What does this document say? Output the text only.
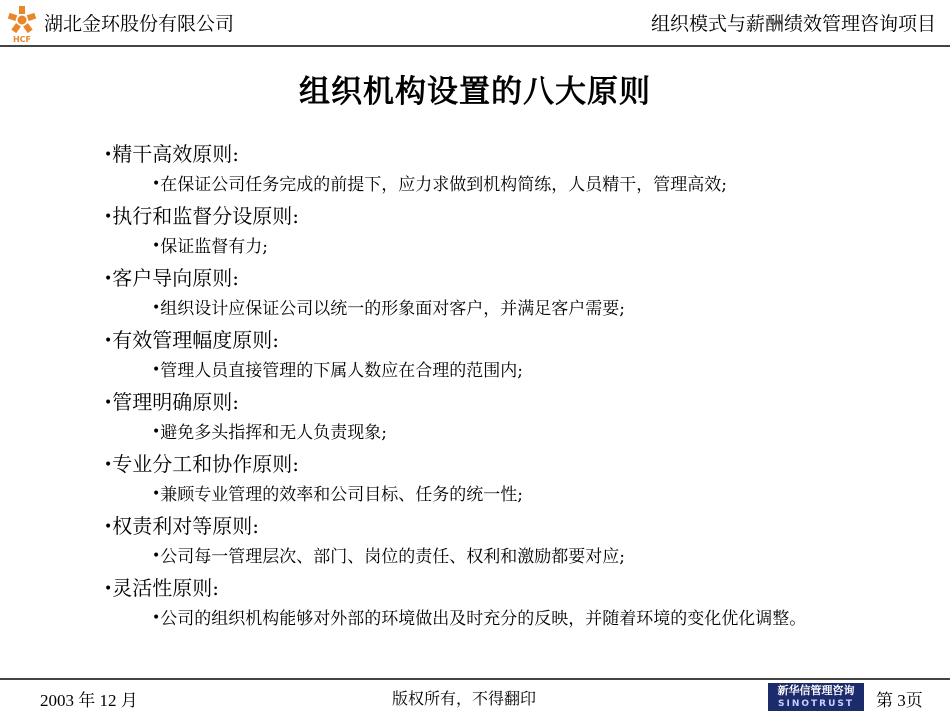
HCF
湖北金环股份有限公司	组织模式与薪酬绩效管理咨询项目
组织机构设置的八大原则
•精干高效原则:
•在保证公司任务完成的前提下，应力求做到机构简练，人员精干，管理高效;
•执行和监督分设原则:
•保证监督有力;
•客户导向原则:
•组织设计应保证公司以统一的形象面对客户，并满足客户需要;
•有效管理幅度原则:
•管理人员直接管理的下属人数应在合理的范围内;
•管理明确原则:
•避免多头指挥和无人负责现象;
•专业分工和协作原则:
•兼顾专业管理的效率和公司目标、任务的统一性;
•权责利对等原则:
•公司每一管理层次、部门、岗位的责任、权利和激励都要对应;
•灵活性原则:
•公司的组织机构能够对外部的环境做出及时充分的反映，并随着环境的变化优化调整。
2003 年 12 月	版权所有，不得翻印	新华信管理咨询
SINOTRUST	第 3页
